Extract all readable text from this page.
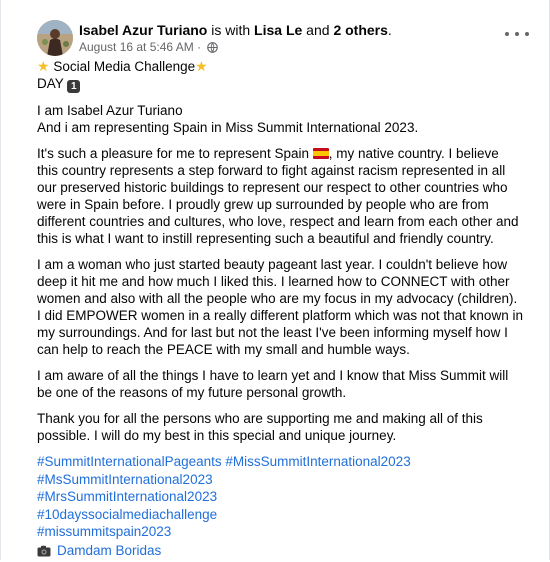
Isabel Azur Turiano is with Lisa Le and 2 others.
August 16 at 5:46 AM ·

★ Social Media Challenge★
DAY 1

I am Isabel Azur Turiano
And i am representing Spain in Miss Summit International 2023.

It's such a pleasure for me to represent Spain , my native country. I believe this country represents a step forward to fight against racism represented in all our preserved historic buildings to represent our respect to other countries who were in Spain before. I proudly grew up surrounded by people who are from different countries and cultures, who love, respect and learn from each other and this is what I want to instill representing such a beautiful and friendly country.

I am a woman who just started beauty pageant last year. I couldn't believe how deep it hit me and how much I liked this. I learned how to CONNECT with other women and also with all the people who are my focus in my advocacy (children). I did EMPOWER women in a really different platform which was not that known in my surroundings. And for last but not the least I've been informing myself how I can help to reach the PEACE with my small and humble ways.

I am aware of all the things I have to learn yet and I know that Miss Summit will be one of the reasons of my future personal growth.

Thank you for all the persons who are supporting me and making all of this possible. I will do my best in this special and unique journey.

#SummitInternationalPageants #MissSummitInternational2023
#MsSummitInternational2023
#MrsSummitInternational2023
#10dayssocialmediachallenge
#missummitspain2023
Damdam Boridas
